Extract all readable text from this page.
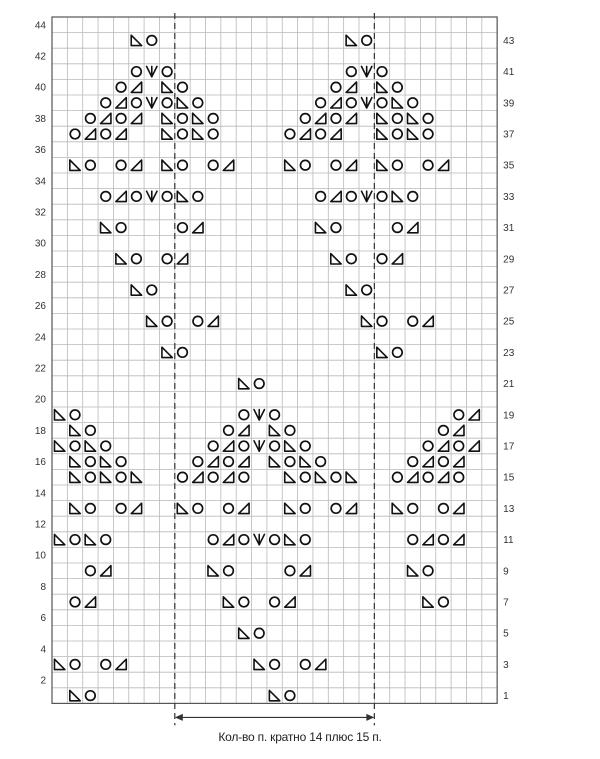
2
4
6
8
10
12
14
16
18
20
22
24
26
28
30
32
34
36
38
40
42
44
1
3
5
7
9
11
13
15
17
19
21
23
25
27
29
31
33
35
37
39
41
43
Кол-во п. кратно 14 плюс 15 п.
